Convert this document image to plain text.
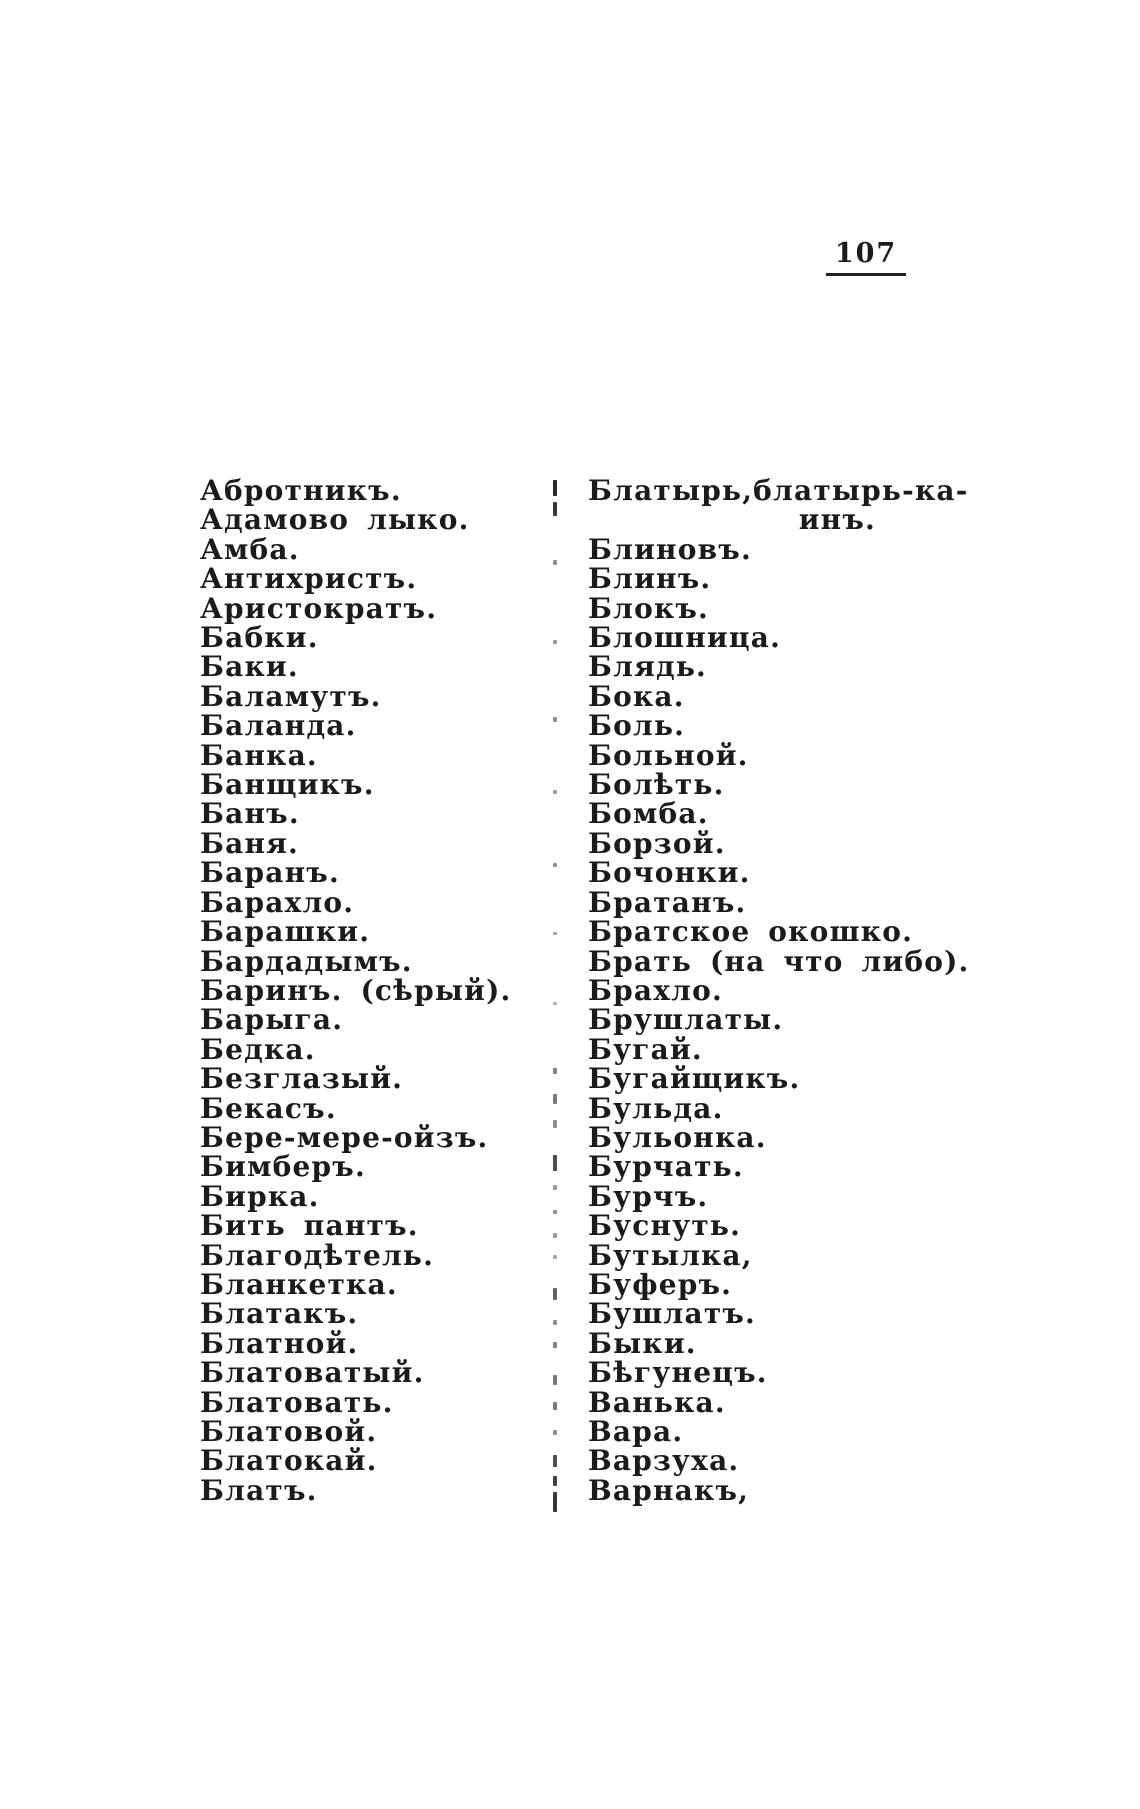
107
Абротникъ.
Адамово лыко.
Амба.
Антихристъ.
Аристократъ.
Бабки.
Баки.
Баламутъ.
Баланда.
Банка.
Банщикъ.
Банъ.
Баня.
Баранъ.
Барахло.
Барашки.
Бардадымъ.
Баринъ. (сѣрый).
Барыга.
Бедка.
Безглазый.
Бекасъ.
Бере-мере-ойзъ.
Бимберъ.
Бирка.
Бить пантъ.
Благодѣтель.
Бланкетка.
Блатакъ.
Блатной.
Блатоватый.
Блатовать.
Блатовой.
Блатокай.
Блатъ.
Блатырь, блатырь-ка-
инъ.
Блиновъ.
Блинъ.
Блокъ.
Блошница.
Блядь.
Бока.
Боль.
Больной.
Болѣть.
Бомба.
Борзой.
Бочонки.
Братанъ.
Братское окошко.
Брать (на что либо).
Брахло.
Брушлаты.
Бугай.
Бугайщикъ.
Бульда.
Бульонка.
Бурчать.
Бурчъ.
Буснуть.
Бутылка,
Буферъ.
Бушлатъ.
Быки.
Бѣгунецъ.
Ванька.
Вара.
Варзуха.
Варнакъ,
